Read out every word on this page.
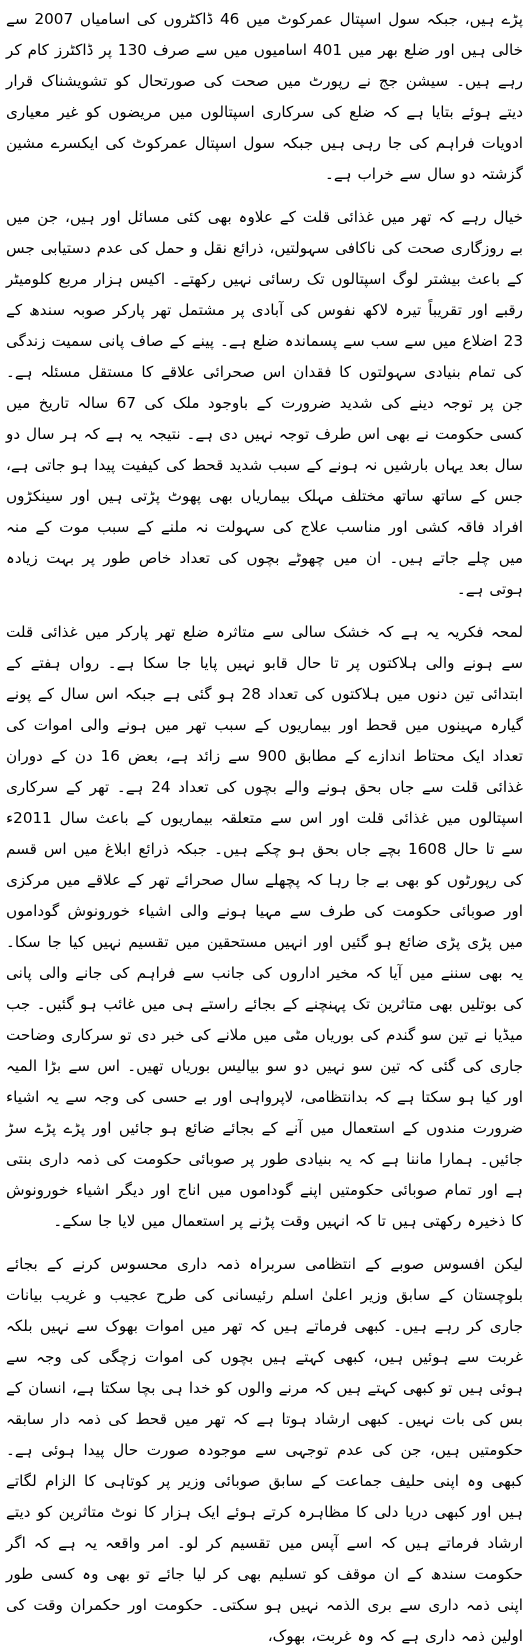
پڑے ہیں، جبکہ سول اسپتال عمرکوٹ میں 46 ڈاکٹروں کی اسامیاں 2007 سے خالی ہیں اور ضلع بھر میں 401 اسامیوں میں سے صرف 130 پر ڈاکٹرز کام کر رہے ہیں۔ سیشن جج نے رپورٹ میں صحت کی صورتحال کو تشویشناک قرار دیتے ہوئے بتایا ہے کہ ضلع کی سرکاری اسپتالوں میں مریضوں کو غیر معیاری ادویات فراہم کی جا رہی ہیں جبکہ سول اسپتال عمرکوٹ کی ایکسرے مشین گزشتہ دو سال سے خراب ہے۔

خیال رہے کہ تھر میں غذائی قلت کے علاوہ بھی کئی مسائل اور ہیں، جن میں بے روزگاری صحت کی ناکافی سہولتیں، ذرائع نقل و حمل کی عدم دستیابی جس کے باعث بیشتر لوگ اسپتالوں تک رسائی نہیں رکھتے۔ اکیس ہزار مربع کلومیٹر رقبے اور تقریباً تیرہ لاکھ نفوس کی آبادی پر مشتمل تھر پارکر صوبہ سندھ کے 23 اضلاع میں سے سب سے پسماندہ ضلع ہے۔ پینے کے صاف پانی سمیت زندگی کی تمام بنیادی سہولتوں کا فقدان اس صحرائی علاقے کا مستقل مسئلہ ہے۔ جن پر توجہ دینے کی شدید ضرورت کے باوجود ملک کی 67 سالہ تاریخ میں کسی حکومت نے بھی اس طرف توجہ نہیں دی ہے۔ نتیجہ یہ ہے کہ ہر سال دو سال بعد یہاں بارشیں نہ ہونے کے سبب شدید قحط کی کیفیت پیدا ہو جاتی ہے، جس کے ساتھ ساتھ مختلف مہلک بیماریاں بھی پھوٹ پڑتی ہیں اور سینکڑوں افراد فاقہ کشی اور مناسب علاج کی سہولت نہ ملنے کے سبب موت کے منہ میں چلے جاتے ہیں۔ ان میں چھوٹے بچوں کی تعداد خاص طور پر بہت زیادہ ہوتی ہے۔

لمحہ فکریہ یہ ہے کہ خشک سالی سے متاثرہ ضلع تھر پارکر میں غذائی قلت سے ہونے والی ہلاکتوں پر تا حال قابو نہیں پایا جا سکا ہے۔ رواں ہفتے کے ابتدائی تین دنوں میں ہلاکتوں کی تعداد 28 ہو گئی ہے جبکہ اس سال کے پونے گیارہ مہینوں میں قحط اور بیماریوں کے سبب تھر میں ہونے والی اموات کی تعداد ایک محتاط اندازے کے مطابق 900 سے زائد ہے، بعض 16 دن کے دوران غذائی قلت سے جاں بحق ہونے والے بچوں کی تعداد 24 ہے۔ تھر کے سرکاری اسپتالوں میں غذائی قلت اور اس سے متعلقہ بیماریوں کے باعث سال 2011ء سے تا حال 1608 بچے جاں بحق ہو چکے ہیں۔ جبکہ ذرائع ابلاغ میں اس قسم کی رپورٹوں کو بھی بے جا رہا کہ پچھلے سال صحرائے تھر کے علاقے میں مرکزی اور صوبائی حکومت کی طرف سے مہیا ہونے والی اشیاء خورونوش گوداموں میں پڑی پڑی ضائع ہو گئیں اور انہیں مستحقین میں تقسیم نہیں کیا جا سکا۔ یہ بھی سننے میں آیا کہ مخیر اداروں کی جانب سے فراہم کی جانے والی پانی کی بوتلیں بھی متاثرین تک پہنچنے کے بجائے راستے ہی میں غائب ہو گئیں۔ جب میڈیا نے تین سو گندم کی بوریاں مٹی میں ملانے کی خبر دی تو سرکاری وضاحت جاری کی گئی کہ تین سو نہیں دو سو بیالیس بوریاں تھیں۔ اس سے بڑا المیہ اور کیا ہو سکتا ہے کہ بدانتظامی، لاپرواہی اور بے حسی کی وجہ سے یہ اشیاء ضرورت مندوں کے استعمال میں آنے کے بجائے ضائع ہو جائیں اور پڑے پڑے سڑ جائیں۔ ہمارا ماننا ہے کہ یہ بنیادی طور پر صوبائی حکومت کی ذمہ داری بنتی ہے اور تمام صوبائی حکومتیں اپنے گوداموں میں اناج اور دیگر اشیاء خورونوش کا ذخیرہ رکھتی ہیں تا کہ انہیں وقت پڑنے پر استعمال میں لایا جا سکے۔

لیکن افسوس صوبے کے انتظامی سربراہ ذمہ داری محسوس کرنے کے بجائے بلوچستان کے سابق وزیر اعلیٰ اسلم رئیسانی کی طرح عجیب و غریب بیانات جاری کر رہے ہیں۔ کبھی فرماتے ہیں کہ تھر میں اموات بھوک سے نہیں بلکہ غربت سے ہوئیں ہیں، کبھی کہتے ہیں بچوں کی اموات زچگی کی وجہ سے ہوئی ہیں تو کبھی کہتے ہیں کہ مرنے والوں کو خدا ہی بچا سکتا ہے، انسان کے بس کی بات نہیں۔ کبھی ارشاد ہوتا ہے کہ تھر میں قحط کی ذمہ دار سابقہ حکومتیں ہیں، جن کی عدم توجہی سے موجودہ صورت حال پیدا ہوئی ہے۔ کبھی وہ اپنی حلیف جماعت کے سابق صوبائی وزیر پر کوتاہی کا الزام لگاتے ہیں اور کبھی دریا دلی کا مظاہرہ کرتے ہوئے ایک ہزار کا نوٹ متاثرین کو دیتے ارشاد فرماتے ہیں کہ اسے آپس میں تقسیم کر لو۔ امر واقعہ یہ ہے کہ اگر حکومت سندھ کے ان موقف کو تسلیم بھی کر لیا جائے تو بھی وہ کسی طور اپنی ذمہ داری سے بری الذمہ نہیں ہو سکتی۔ حکومت اور حکمران وقت کی اولین ذمہ داری ہے کہ وہ غربت، بھوک،
